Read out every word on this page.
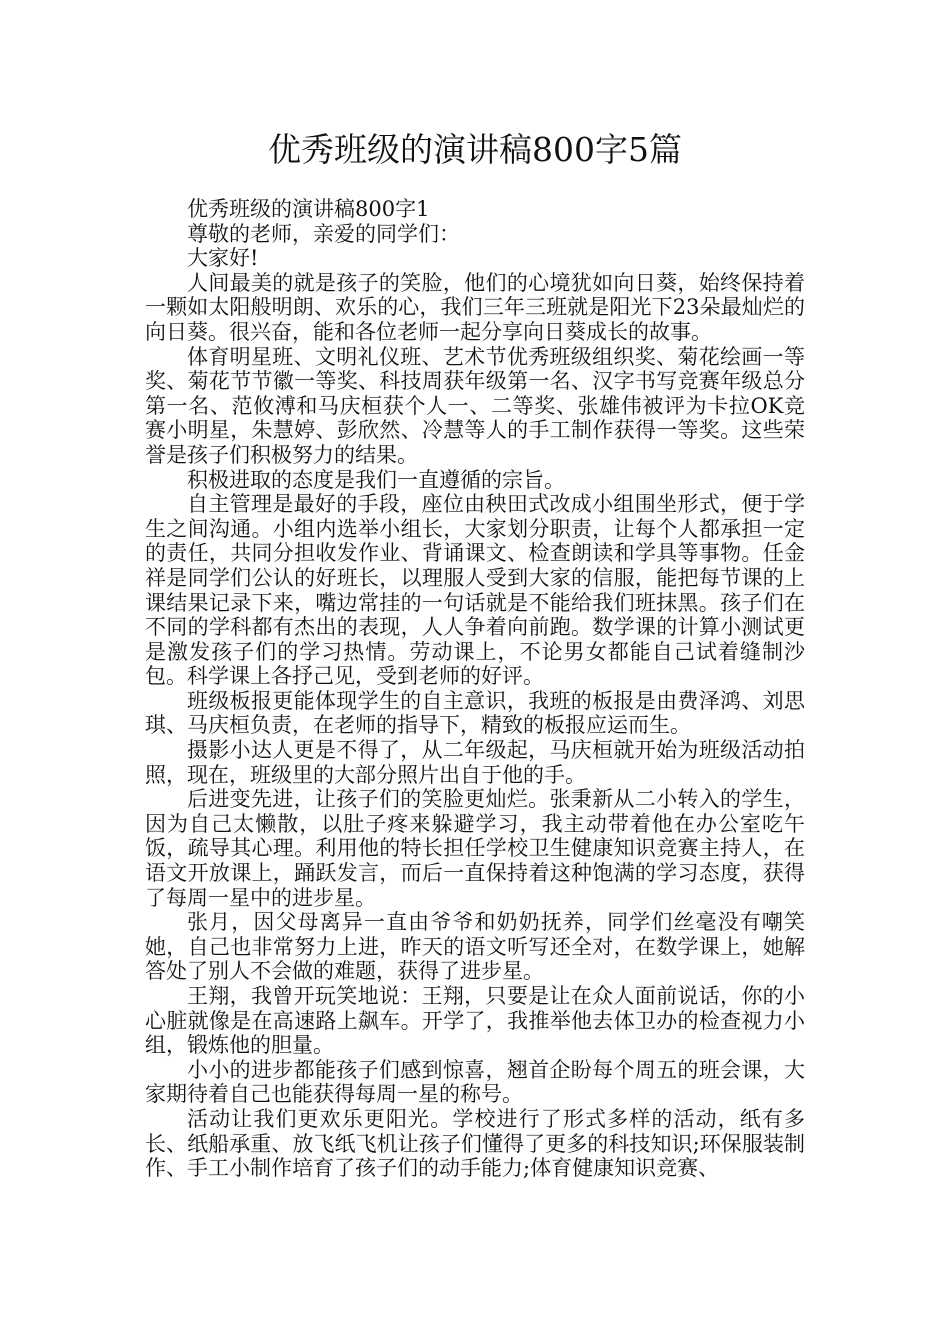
优秀班级的演讲稿800字5篇

优秀班级的演讲稿800字1

尊敬的老师，亲爱的同学们：

大家好!

人间最美的就是孩子的笑脸，他们的心境犹如向日葵，始终保持着一颗如太阳般明朗、欢乐的心，我们三年三班就是阳光下23朵最灿烂的向日葵。很兴奋，能和各位老师一起分享向日葵成长的故事。

体育明星班、文明礼仪班、艺术节优秀班级组织奖、菊花绘画一等奖、菊花节节徽一等奖、科技周获年级第一名、汉字书写竞赛年级总分第一名、范攸溥和马庆桓获个人一、二等奖、张雄伟被评为卡拉OK竞赛小明星，朱慧婷、彭欣然、冷慧等人的手工制作获得一等奖。这些荣誉是孩子们积极努力的结果。

积极进取的态度是我们一直遵循的宗旨。

自主管理是最好的手段，座位由秧田式改成小组围坐形式，便于学生之间沟通。小组内选举小组长，大家划分职责，让每个人都承担一定的责任，共同分担收发作业、背诵课文、检查朗读和学具等事物。任金祥是同学们公认的好班长，以理服人受到大家的信服，能把每节课的上课结果记录下来，嘴边常挂的一句话就是不能给我们班抹黑。孩子们在不同的学科都有杰出的表现，人人争着向前跑。数学课的计算小测试更是激发孩子们的学习热情。劳动课上，不论男女都能自己试着缝制沙包。科学课上各抒己见，受到老师的好评。

班级板报更能体现学生的自主意识，我班的板报是由费泽鸿、刘思琪、马庆桓负责，在老师的指导下，精致的板报应运而生。

摄影小达人更是不得了，从二年级起，马庆桓就开始为班级活动拍照，现在，班级里的大部分照片出自于他的手。

后进变先进，让孩子们的笑脸更灿烂。张秉新从二小转入的学生，因为自己太懒散，以肚子疼来躲避学习，我主动带着他在办公室吃午饭，疏导其心理。利用他的特长担任学校卫生健康知识竞赛主持人，在语文开放课上，踊跃发言，而后一直保持着这种饱满的学习态度，获得了每周一星中的进步星。

张月，因父母离异一直由爷爷和奶奶抚养，同学们丝毫没有嘲笑她，自己也非常努力上进，昨天的语文听写还全对，在数学课上，她解答处了别人不会做的难题，获得了进步星。

王翔，我曾开玩笑地说：王翔，只要是让在众人面前说话，你的小心脏就像是在高速路上飙车。开学了，我推举他去体卫办的检查视力小组，锻炼他的胆量。

小小的进步都能孩子们感到惊喜，翘首企盼每个周五的班会课，大家期待着自己也能获得每周一星的称号。

活动让我们更欢乐更阳光。学校进行了形式多样的活动，纸有多长、纸船承重、放飞纸飞机让孩子们懂得了更多的科技知识;环保服装制作、手工小制作培育了孩子们的动手能力;体育健康知识竞赛、
